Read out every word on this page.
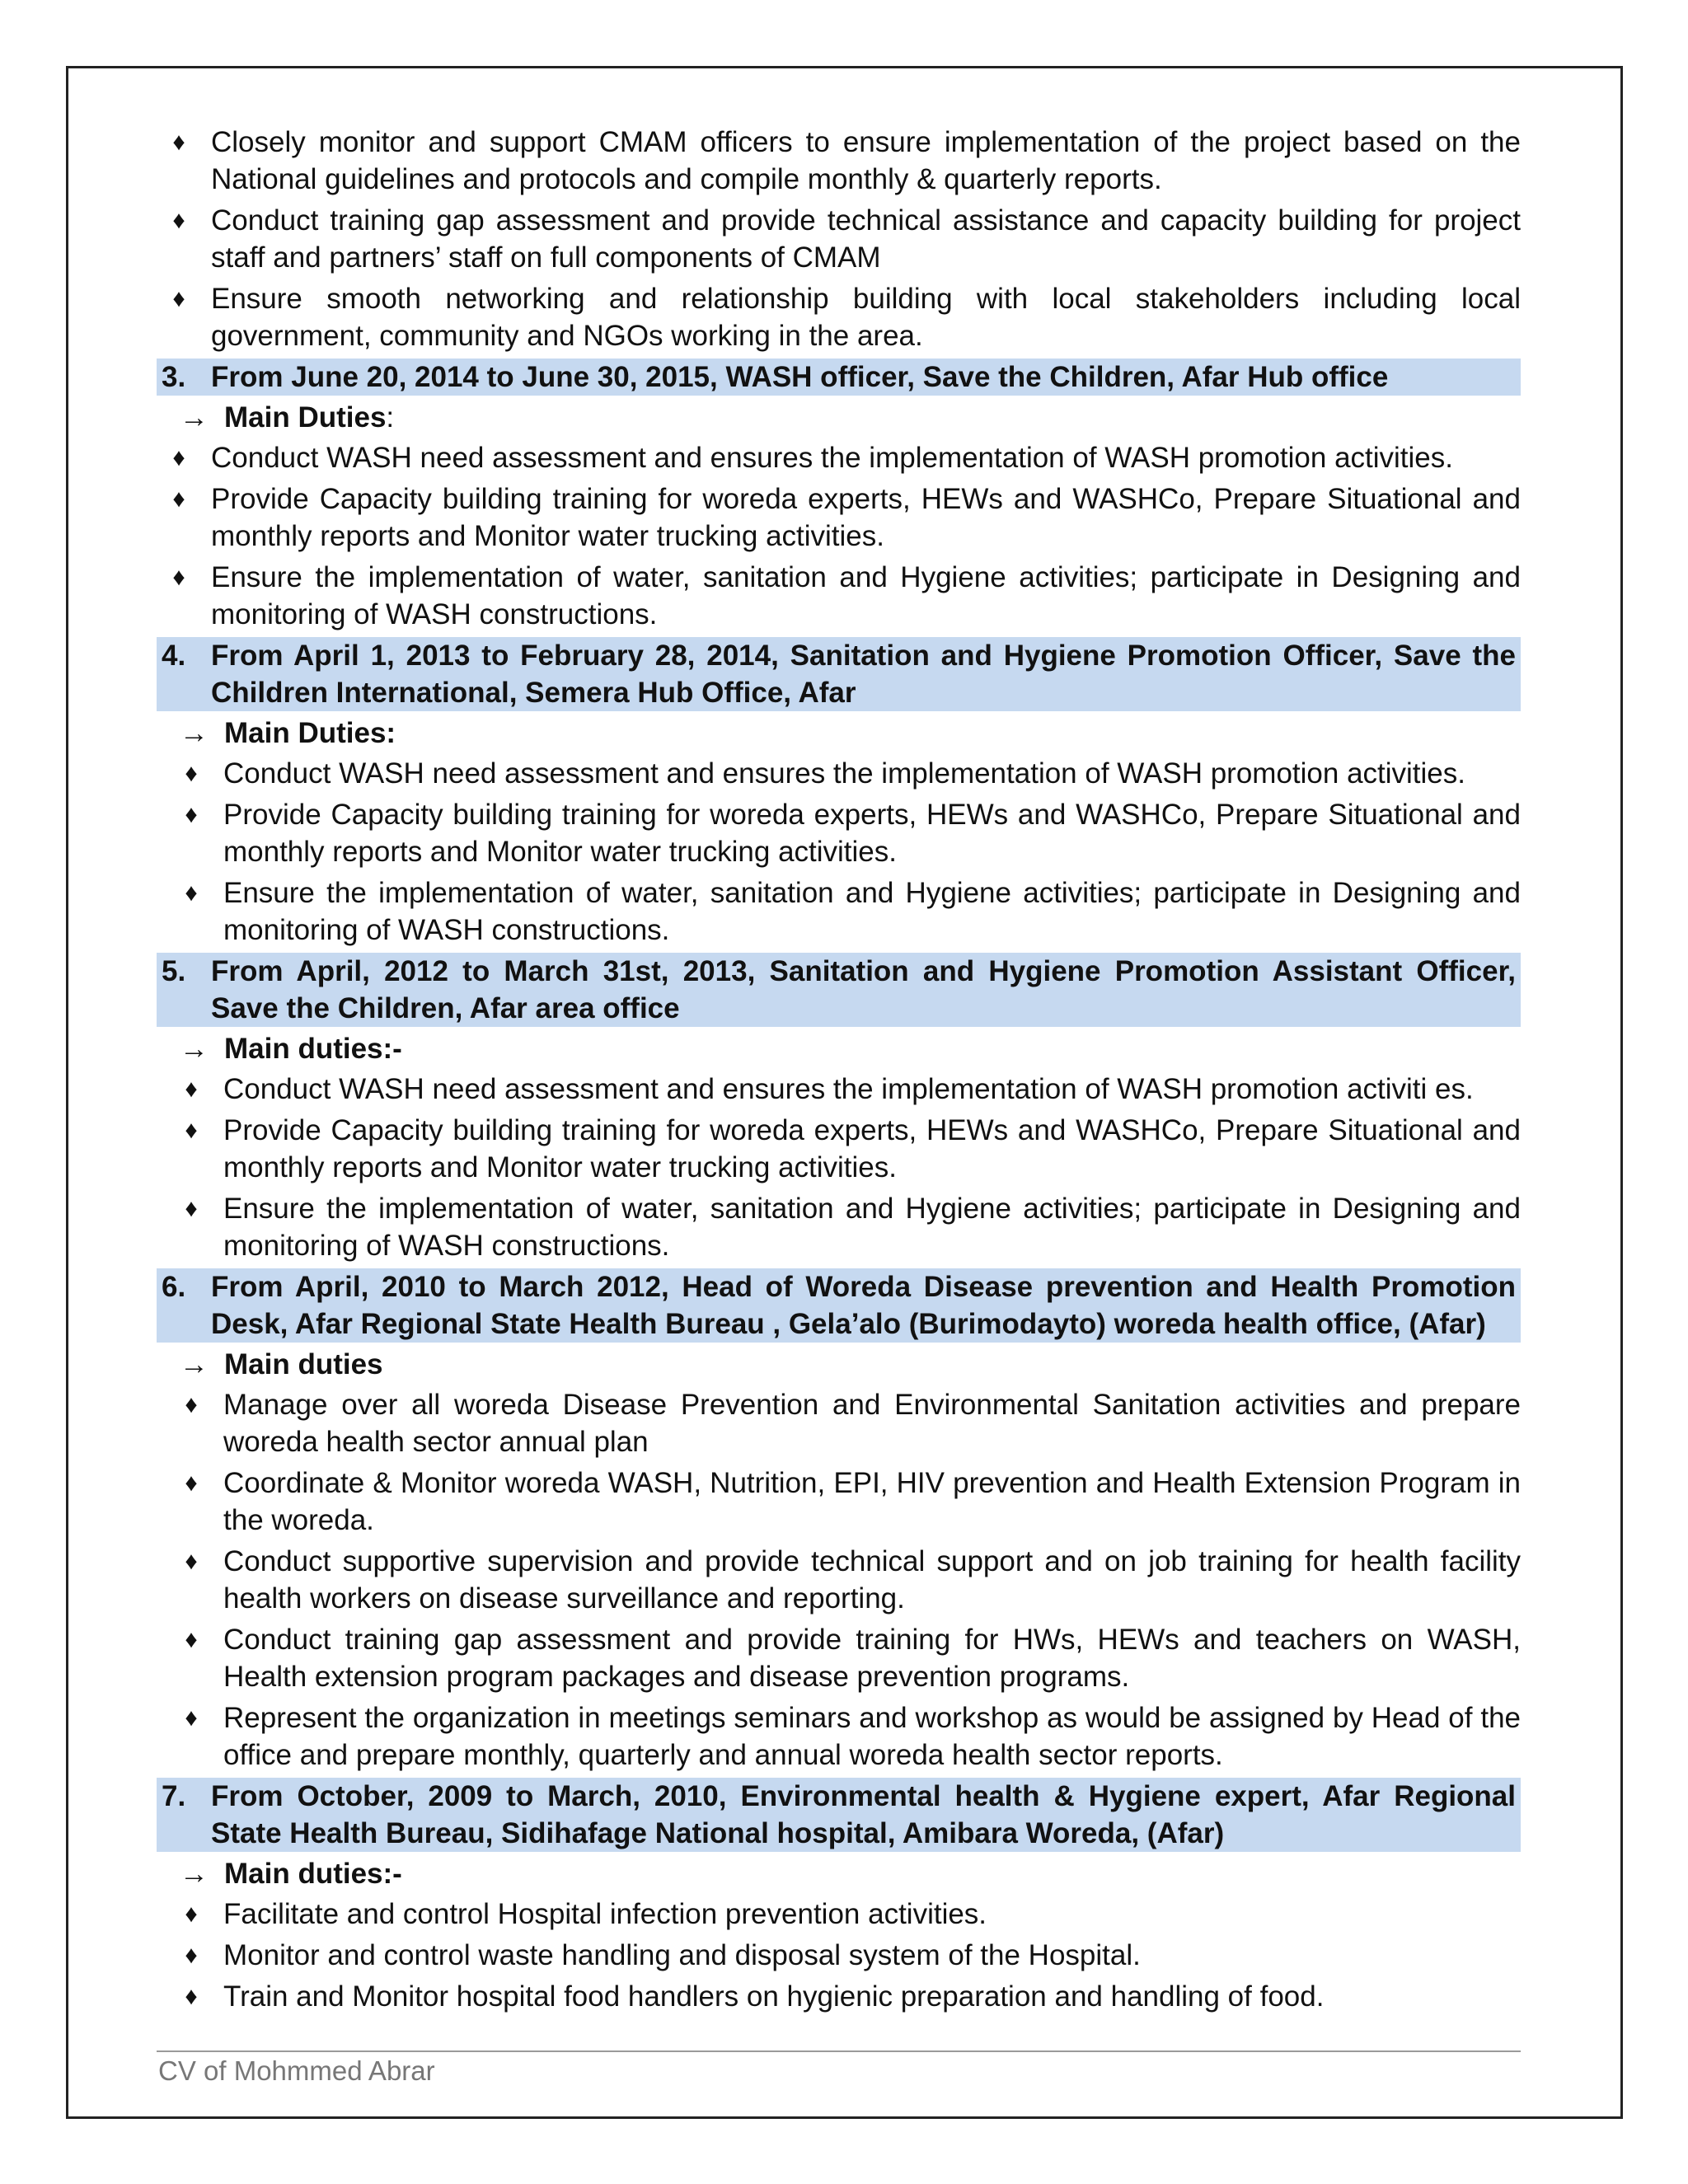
♦ Closely monitor and support CMAM officers to ensure implementation of the project based on the National guidelines and protocols and compile monthly & quarterly reports.
♦ Conduct training gap assessment and provide technical assistance and capacity building for project staff and partners’ staff on full components of CMAM
♦ Ensure smooth networking and relationship building with local stakeholders including local government, community and NGOs working in the area.
3. From June 20, 2014 to June 30, 2015, WASH officer, Save the Children, Afar Hub office
→ Main Duties:
♦ Conduct WASH need assessment and ensures the implementation of WASH promotion activities.
♦ Provide Capacity building training for woreda experts, HEWs and WASHCo, Prepare Situational and monthly reports and Monitor water trucking activities.
♦ Ensure the implementation of water, sanitation and Hygiene activities; participate in Designing and monitoring of WASH constructions.
4. From April 1, 2013 to February 28, 2014, Sanitation and Hygiene Promotion Officer, Save the Children International, Semera Hub Office, Afar
→ Main Duties:
♦ Conduct WASH need assessment and ensures the implementation of WASH promotion activities.
♦ Provide Capacity building training for woreda experts, HEWs and WASHCo, Prepare Situational and monthly reports and Monitor water trucking activities.
♦ Ensure the implementation of water, sanitation and Hygiene activities; participate in Designing and monitoring of WASH constructions.
5. From April, 2012 to March 31st, 2013, Sanitation and Hygiene Promotion Assistant Officer, Save the Children, Afar area office
→ Main duties:-
♦ Conduct WASH need assessment and ensures the implementation of WASH promotion activiti es.
♦ Provide Capacity building training for woreda experts, HEWs and WASHCo, Prepare Situational and monthly reports and Monitor water trucking activities.
♦ Ensure the implementation of water, sanitation and Hygiene activities; participate in Designing and monitoring of WASH constructions.
6. From April, 2010 to March 2012, Head of Woreda Disease prevention and Health Promotion Desk, Afar Regional State Health Bureau , Gela’alo (Burimodayto) woreda health office, (Afar)
→ Main duties
♦ Manage over all woreda Disease Prevention and Environmental Sanitation activities and prepare woreda health sector annual plan
♦ Coordinate & Monitor woreda WASH, Nutrition, EPI, HIV prevention and Health Extension Program in the woreda.
♦ Conduct supportive supervision and provide technical support and on job training for health facility health workers on disease surveillance and reporting.
♦ Conduct training gap assessment and provide training for HWs, HEWs and teachers on WASH, Health extension program packages and disease prevention programs.
♦ Represent the organization in meetings seminars and workshop as would be assigned by Head of the office and prepare monthly, quarterly and annual woreda health sector reports.
7. From October, 2009 to March, 2010, Environmental health & Hygiene expert, Afar Regional State Health Bureau, Sidihafage National hospital, Amibara Woreda, (Afar)
→ Main duties:-
♦ Facilitate and control Hospital infection prevention activities.
♦ Monitor and control waste handling and disposal system of the Hospital.
♦ Train and Monitor hospital food handlers on hygienic preparation and handling of food.
CV of Mohmmed Abrar
